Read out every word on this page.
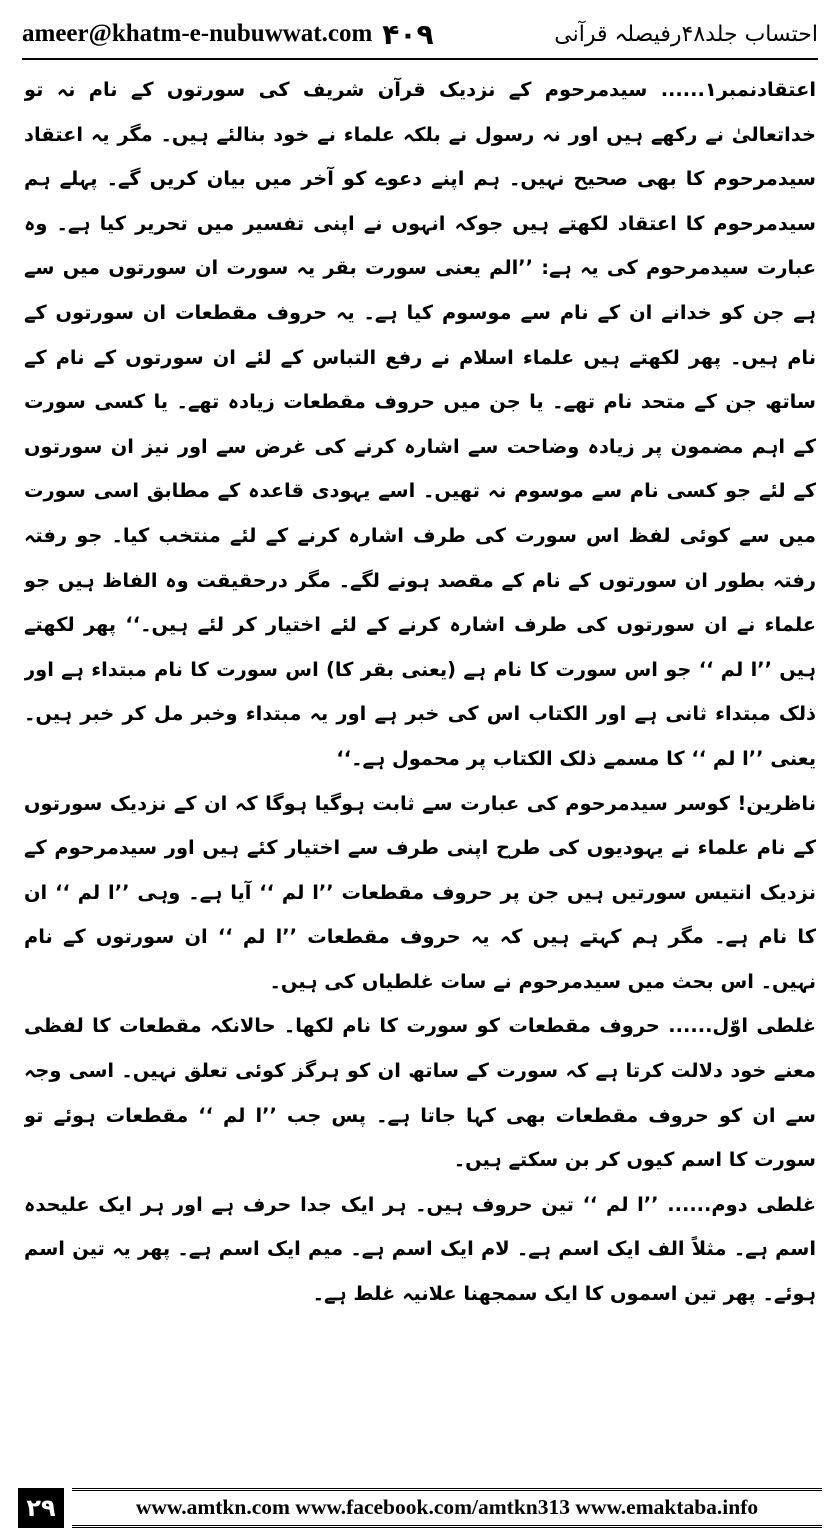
ameer@khatm-e-nubuwwat.com ۴۰۹	احتساب جلد۴۸رفیصلہ قرآنی

اعتقادنمبر۱...... سیدمرحوم کے نزدیک قرآن شریف کی سورتوں کے نام نہ تو خداتعالیٰ نے رکھے ہیں اور نہ رسول نے بلکہ علماء نے خود بنالئے ہیں۔ مگر یہ اعتقاد سیدمرحوم کا بھی صحیح نہیں۔ ہم اپنے دعوے کو آخر میں بیان کریں گے۔ پہلے ہم سیدمرحوم کا اعتقاد لکھتے ہیں جوکہ انہوں نے اپنی تفسیر میں تحریر کیا ہے۔ وہ عبارت سیدمرحوم کی یہ ہے: ’’الم یعنی سورت بقر یہ سورت ان سورتوں میں سے ہے جن کو خدانے ان کے نام سے موسوم کیا ہے۔ یہ حروف مقطعات ان سورتوں کے نام ہیں۔ پھر لکھتے ہیں علماء اسلام نے رفع التباس کے لئے ان سورتوں کے نام کے ساتھ جن کے متحد نام تھے۔ یا جن میں حروف مقطعات زیادہ تھے۔ یا کسی سورت کے اہم مضمون پر زیادہ وضاحت سے اشارہ کرنے کی غرض سے اور نیز ان سورتوں کے لئے جو کسی نام سے موسوم نہ تھیں۔ اسے یہودی قاعدہ کے مطابق اسی سورت میں سے کوئی لفظ اس سورت کی طرف اشارہ کرنے کے لئے منتخب کیا۔ جو رفتہ رفتہ بطور ان سورتوں کے نام کے مقصد ہونے لگے۔ مگر درحقیقت وہ الفاظ ہیں جو علماء نے ان سورتوں کی طرف اشارہ کرنے کے لئے اختیار کر لئے ہیں۔‘‘ پھر لکھتے ہیں ’’ا لم ‘‘ جو اس سورت کا نام ہے (یعنی بقر کا) اس سورت کا نام مبتداء ہے اور ذلک مبتداء ثانی ہے اور الکتاب اس کی خبر ہے اور یہ مبتداء وخبر مل کر خبر ہیں۔ یعنی ’’ا لم ‘‘ کا مسمے ذلک الکتاب پر محمول ہے۔‘‘

ناظرین! کوسر سیدمرحوم کی عبارت سے ثابت ہوگیا ہوگا کہ ان کے نزدیک سورتوں کے نام علماء نے یہودیوں کی طرح اپنی طرف سے اختیار کئے ہیں اور سیدمرحوم کے نزدیک انتیس سورتیں ہیں جن پر حروف مقطعات ’’ا لم ‘‘ آیا ہے۔ وہی ’’ا لم ‘‘ ان کا نام ہے۔ مگر ہم کہتے ہیں کہ یہ حروف مقطعات ’’ا لم ‘‘ ان سورتوں کے نام نہیں۔ اس بحث میں سیدمرحوم نے سات غلطیاں کی ہیں۔

غلطی اوّل...... حروف مقطعات کو سورت کا نام لکھا۔ حالانکہ مقطعات کا لفظی معنے خود دلالت کرتا ہے کہ سورت کے ساتھ ان کو ہرگز کوئی تعلق نہیں۔ اسی وجہ سے ان کو حروف مقطعات بھی کہا جاتا ہے۔ پس جب ’’ا لم ‘‘ مقطعات ہوئے تو سورت کا اسم کیوں کر بن سکتے ہیں۔

غلطی دوم...... ’’ا لم ‘‘ تین حروف ہیں۔ ہر ایک جدا حرف ہے اور ہر ایک علیحدہ اسم ہے۔ مثلاً الف ایک اسم ہے۔ لام ایک اسم ہے۔ میم ایک اسم ہے۔ پھر یہ تین اسم ہوئے۔ پھر تین اسموں کا ایک سمجھنا علانیہ غلط ہے۔

۲۹	www.amtkn.com www.facebook.com/amtkn313 www.emaktaba.info
